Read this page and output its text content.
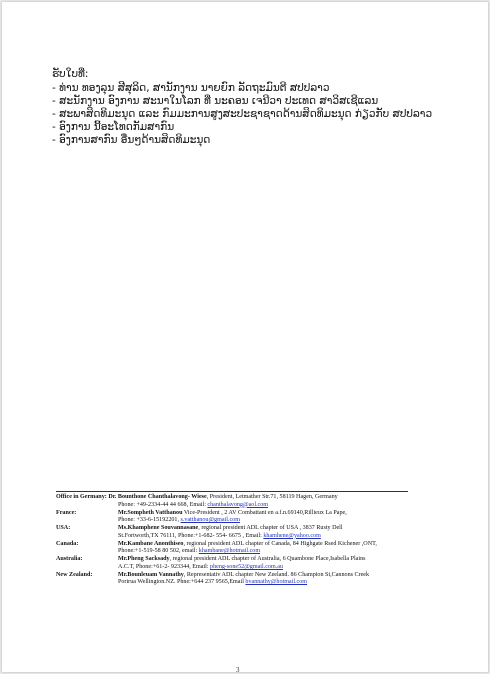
ຮັບໃບທີ່:
- ທ່ານ ທອງລຸນ ສີສຸລິດ, ສານັກງານ ນາຍຍົກ ລັດຖະມົນຕີ ສປປລາວ
- ສະນັກງານ ອົງການ ສະນາໃນໂລກ ທີ່ ນະຄອນ ເຈນີວາ ປະເທດ ສາວິສເຊີແລນ
- ສະພາສິດທິມະນຸດ ແລະ ກົມມະການສູງສະປະຊາຊາດດ້ານສິດທິມະນຸດ ກ່ຽວກັບ ສປປລາວ
- ອົງການ ນີ້ອະໂທດກັມສາກົນ
- ອົງການສາກົນ ອື່ນໆດ້ານສິດທິມະນຸດ
Office in Germany: Dr. Bounthone Chanthalavong- Wiese, President, Letmather Str.71, 58119 Hagen, Germany
Phone: +49-2334-44 44 668, Email: chanthalavong@aol.com
France:	Mr.Sompheth Vatthanou Vice-President , 2 AV Combattant en a.f.n.69140,Rillieux La Pape,
Phone: +33-6-15192201, s.vatthanou@gmail.com
USA:	Ms.Khamphene Souvannasane, regional president ADL chapter of USA , 3837 Rusty Dell
St.Fortworth,TX 76111, Phone:+1-682- 554- 6675 , Email: khamhene@yahoo.com
Canada:	Mr.Kambane Anonthiseo, regional president ADL chapter of Canada, 84 Highgate Rsed Kichener ,ONT,
Phone:+1-519-58 80 502, email: khambane@hotmail.com
Australia:	Mr.Pheng Sacksady, regional president ADL chapter of Australia, 6 Quambone Place,Isabella Plains
A.C.T, Phone:+61-2- 923344, Email: pheng-sone52@gmail.com.au
New Zealand:	Mr.Bounleuam Vannathy, Representativ ADL chapter New Zeeland. 86 Champion St,Cannons Creek
Porirua Wellington.NZ. Phne:+644 237 9565,Email bvannathy@hotmail.com
3
